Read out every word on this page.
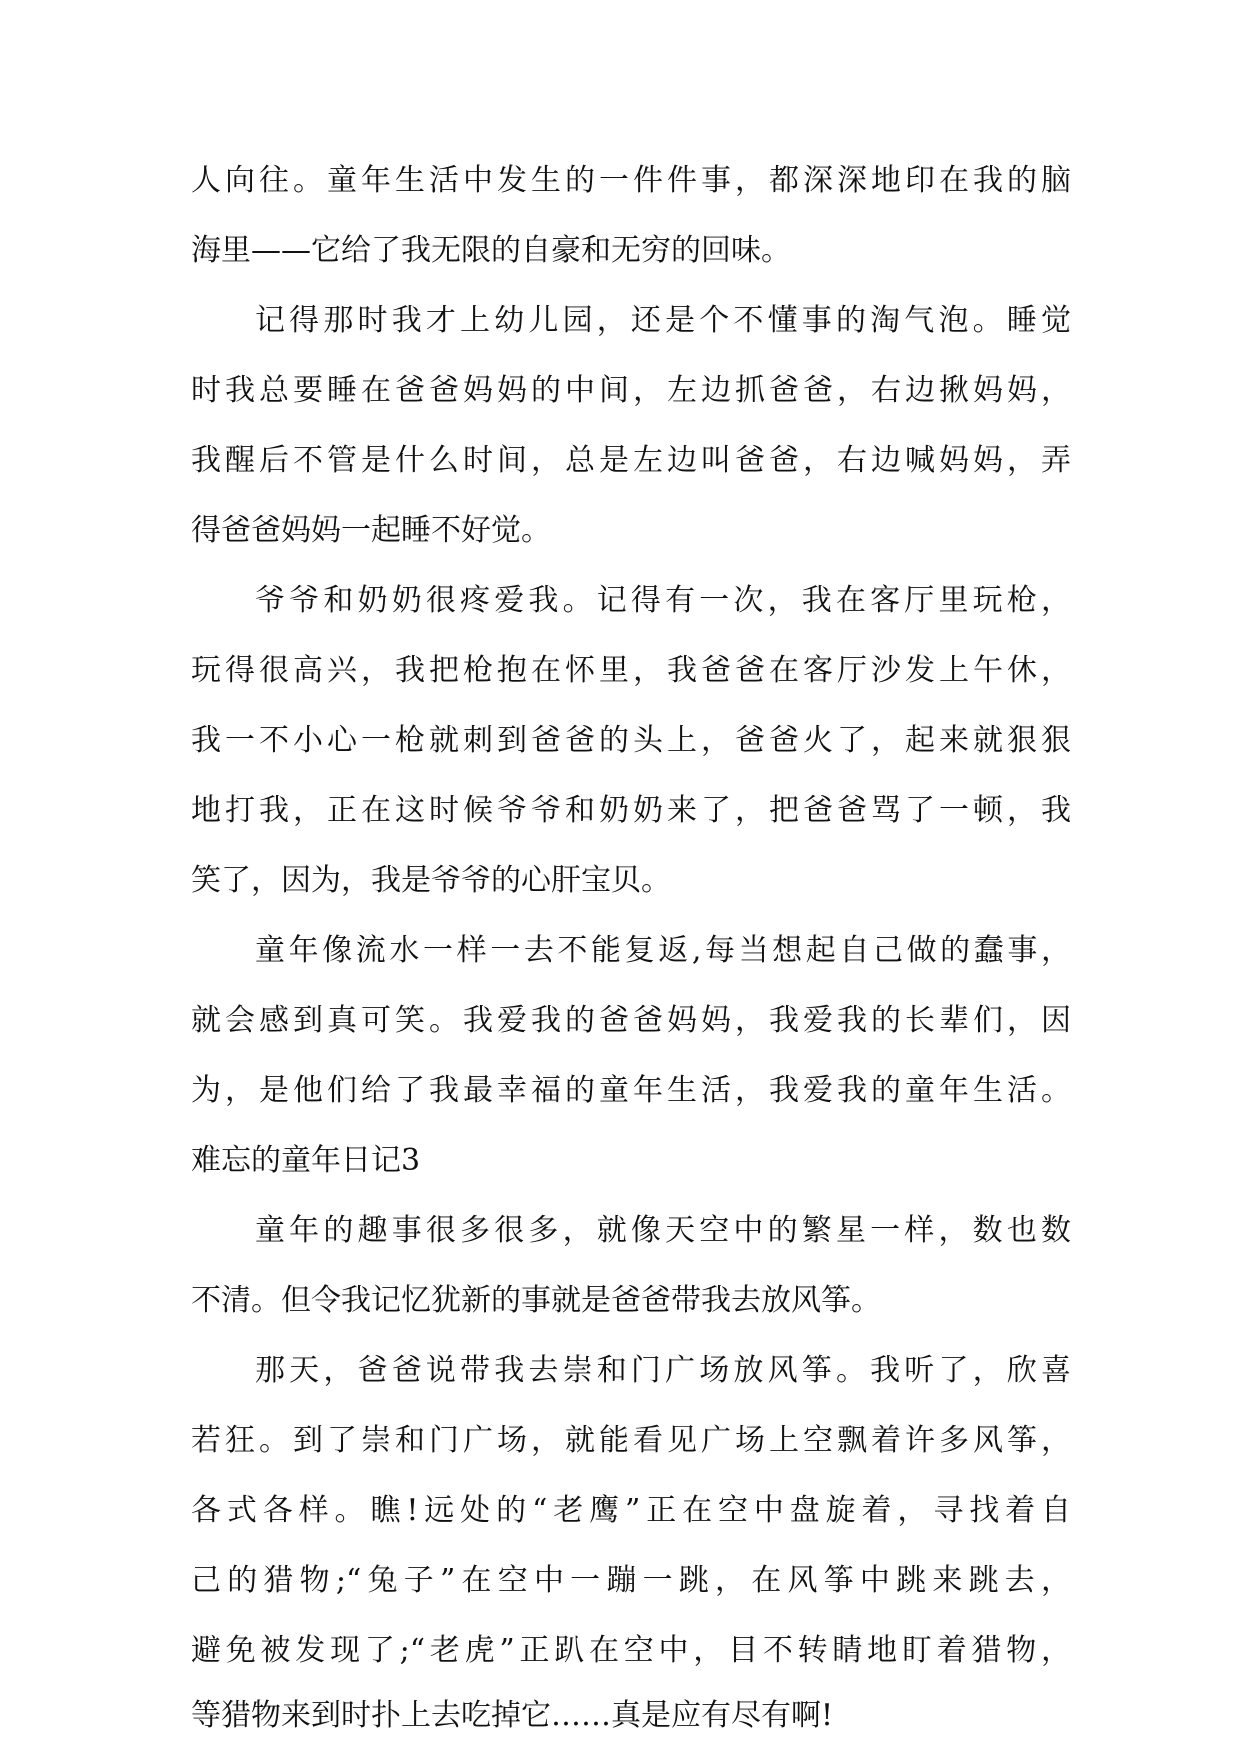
人向往。童年生活中发生的一件件事，都深深地印在我的脑
海里——它给了我无限的自豪和无穷的回味。
记得那时我才上幼儿园，还是个不懂事的淘气泡。睡觉
时我总要睡在爸爸妈妈的中间，左边抓爸爸，右边揪妈妈，
我醒后不管是什么时间，总是左边叫爸爸，右边喊妈妈，弄
得爸爸妈妈一起睡不好觉。
爷爷和奶奶很疼爱我。记得有一次，我在客厅里玩枪，
玩得很高兴，我把枪抱在怀里，我爸爸在客厅沙发上午休，
我一不小心一枪就刺到爸爸的头上，爸爸火了，起来就狠狠
地打我，正在这时候爷爷和奶奶来了，把爸爸骂了一顿，我
笑了，因为，我是爷爷的心肝宝贝。
童年像流水一样一去不能复返,每当想起自己做的蠢事，
就会感到真可笑。我爱我的爸爸妈妈，我爱我的长辈们，因
为，是他们给了我最幸福的童年生活，我爱我的童年生活。
难忘的童年日记3
童年的趣事很多很多，就像天空中的繁星一样，数也数
不清。但令我记忆犹新的事就是爸爸带我去放风筝。
那天，爸爸说带我去崇和门广场放风筝。我听了，欣喜
若狂。到了崇和门广场，就能看见广场上空飘着许多风筝，
各式各样。瞧!远处的“老鹰”正在空中盘旋着，寻找着自
己的猎物;“兔子”在空中一蹦一跳，在风筝中跳来跳去，
避免被发现了;“老虎”正趴在空中，目不转睛地盯着猎物，
等猎物来到时扑上去吃掉它……真是应有尽有啊!
